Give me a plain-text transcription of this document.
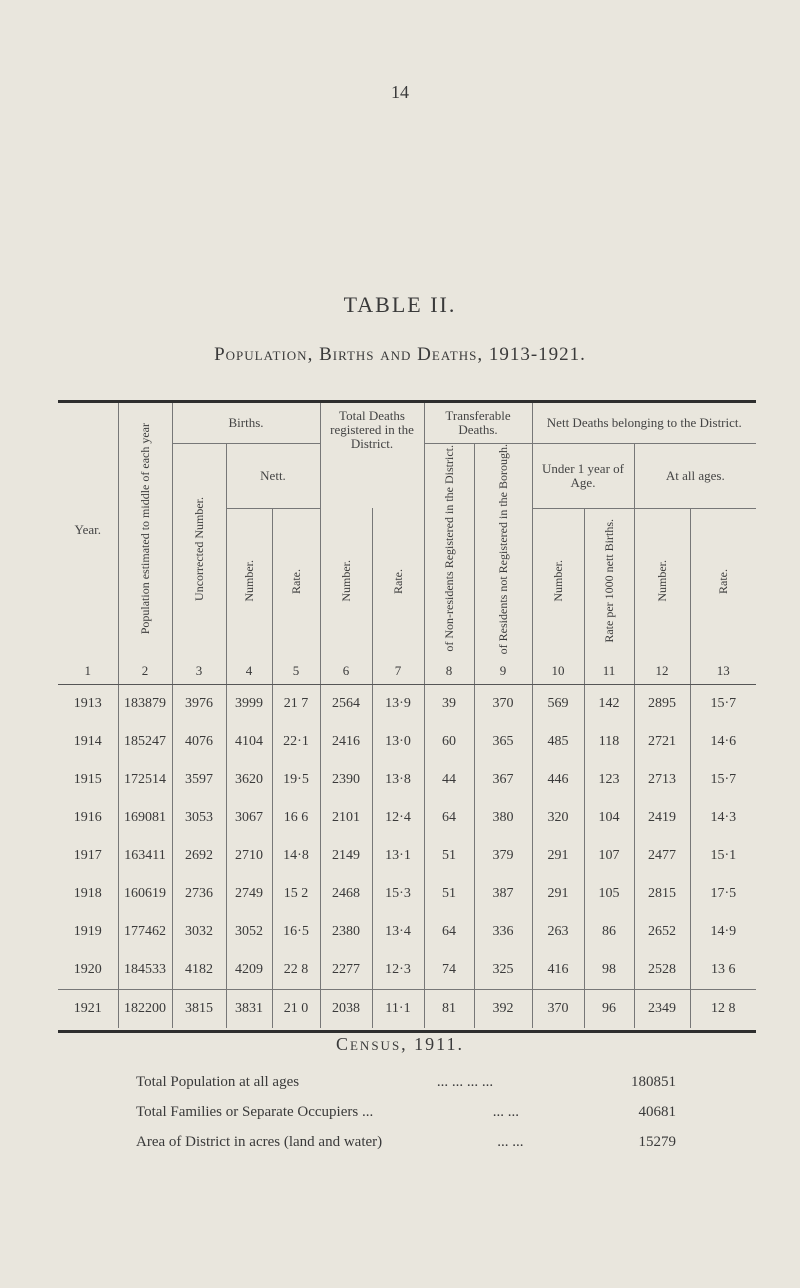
14
TABLE II.
Population, Births and Deaths, 1913-1921.
Year.	Population estimated to middle of each year	Births.			Total Deaths registered in the District.		Transferable Deaths.		Nett Deaths belonging to the District.			
		Uncorrected Number.	Nett.				of Non-residents Registered in the District.	of Residents not Registered in the Borough.	Under 1 year of Age.		At all ages.	
			Number.	Rate.	Number.	Rate.			Number.	Rate per 1000 nett Births.	Number.	Rate.
1	2	3	4	5	6	7	8	9	10	11	12	13
1913	183879	3976	3999	21 7	2564	13·9	39	370	569	142	2895	15·7
1914	185247	4076	4104	22·1	2416	13·0	60	365	485	118	2721	14·6
1915	172514	3597	3620	19·5	2390	13·8	44	367	446	123	2713	15·7
1916	169081	3053	3067	16 6	2101	12·4	64	380	320	104	2419	14·3
1917	163411	2692	2710	14·8	2149	13·1	51	379	291	107	2477	15·1
1918	160619	2736	2749	15 2	2468	15·3	51	387	291	105	2815	17·5
1919	177462	3032	3052	16·5	2380	13·4	64	336	263	86	2652	14·9
1920	184533	4182	4209	22 8	2277	12·3	74	325	416	98	2528	13 6
1921	182200	3815	3831	21 0	2038	11·1	81	392	370	96	2349	12 8
Census, 1911.
Total Population at all ages	... ... ... ...	180851
Total Families or Separate Occupiers ...	... ...	40681
Area of District in acres (land and water)	... ...	15279
